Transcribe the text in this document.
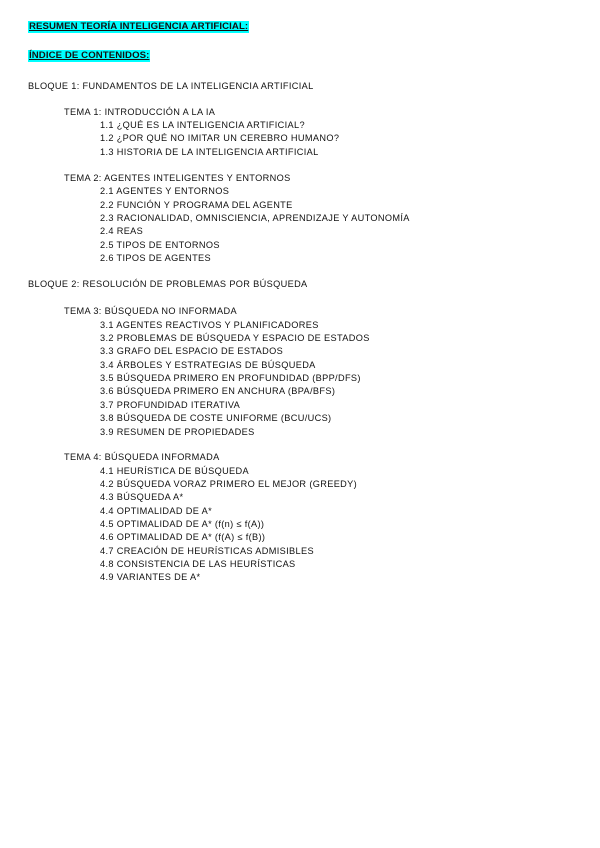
RESUMEN TEORÍA INTELIGENCIA ARTIFICIAL:
ÍNDICE DE CONTENIDOS:
BLOQUE 1: FUNDAMENTOS DE LA INTELIGENCIA ARTIFICIAL
TEMA 1: INTRODUCCIÓN A LA IA
1.1 ¿QUÉ ES LA INTELIGENCIA ARTIFICIAL?
1.2 ¿POR QUÉ NO IMITAR UN CEREBRO HUMANO?
1.3 HISTORIA DE LA INTELIGENCIA ARTIFICIAL
TEMA 2: AGENTES INTELIGENTES Y ENTORNOS
2.1 AGENTES Y ENTORNOS
2.2 FUNCIÓN Y PROGRAMA DEL AGENTE
2.3 RACIONALIDAD, OMNISCIENCIA, APRENDIZAJE Y AUTONOMÍA
2.4 REAS
2.5 TIPOS DE ENTORNOS
2.6 TIPOS DE AGENTES
BLOQUE 2: RESOLUCIÓN DE PROBLEMAS POR BÚSQUEDA
TEMA 3: BÚSQUEDA NO INFORMADA
3.1 AGENTES REACTIVOS Y PLANIFICADORES
3.2 PROBLEMAS DE BÚSQUEDA Y ESPACIO DE ESTADOS
3.3 GRAFO DEL ESPACIO DE ESTADOS
3.4 ÁRBOLES Y ESTRATEGIAS DE BÚSQUEDA
3.5 BÚSQUEDA PRIMERO EN PROFUNDIDAD (BPP/DFS)
3.6 BÚSQUEDA PRIMERO EN ANCHURA (BPA/BFS)
3.7 PROFUNDIDAD ITERATIVA
3.8 BÚSQUEDA DE COSTE UNIFORME (BCU/UCS)
3.9 RESUMEN DE PROPIEDADES
TEMA 4: BÚSQUEDA INFORMADA
4.1 HEURÍSTICA DE BÚSQUEDA
4.2 BÚSQUEDA VORAZ PRIMERO EL MEJOR (GREEDY)
4.3 BÚSQUEDA A*
4.4 OPTIMALIDAD DE A*
4.5 OPTIMALIDAD DE A* (f(n) ≤ f(A))
4.6 OPTIMALIDAD DE A* (f(A) ≤ f(B))
4.7 CREACIÓN DE HEURÍSTICAS ADMISIBLES
4.8 CONSISTENCIA DE LAS HEURÍSTICAS
4.9 VARIANTES DE A*
